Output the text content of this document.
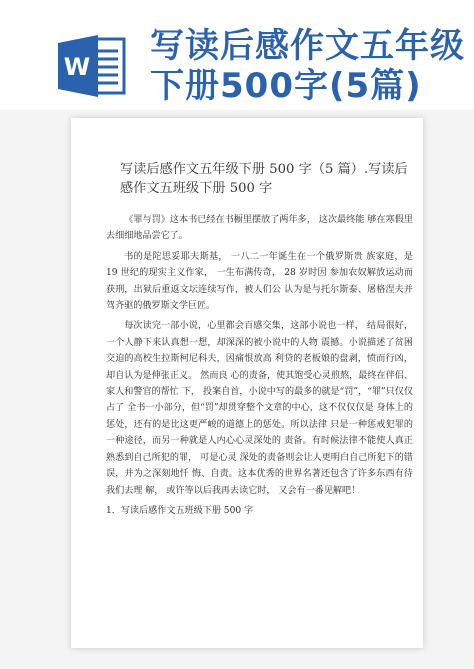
W
写读后感作文五年级下册500字(5篇)
写读后感作文五年级下册 500 字（5 篇）.写读后感作文五班级下册 500 字

《罪与罚》这本书已经在书橱里摆放了两年多， 这次最终能 够在寒假里去细细地品尝它了。

书的是陀思妥耶夫斯基， 一八二一年诞生在一个俄罗斯贵 族家庭，是 19 世纪的现实主义作家， 一生布满传奇， 28 岁时因 参加农奴解放运动而获刑，出狱后重返文坛连续写作，被人们公 认为是与托尔斯泰、屠格涅夫并驾齐驱的俄罗斯文学巨匠。

每次读完一部小说，心里都会百感交集，这部小说也一样， 结局很好，一个人静下来认真想一想，却深深的被小说中的人物 震撼。小说描述了贫困交迫的高校生拉斯柯尼科夫，因痛恨放高 利贷的老板娘的盘剥，愤而行凶，却自认为是伸张正义。 然而良 心的责备，使其饱受心灵煎熬，最终在伴侣、家人和警官的帮忙 下， 投案自首，小说中写的最多的就是“罚”，“罪”只仅仅占了 全书一小部分，但“罚”却贯穿整个文章的中心，这不仅仅仅是 身体上的惩处，还有的是比这更严峻的道德上的惩处。所以法律 只是一种惩戒犯罪的一种途径，而另一种就是人内心心灵深处的 责备。有时候法律不能使人真正熟悉到自己所犯的罪， 可是心灵 深处的责备则会让人更明白自己所犯下的错误，并为之深刻地忏 悔、自责。这本优秀的世界名著还包含了许多东西有待我们去理 解， 或许等以后我再去读它时， 又会有一番见解吧！

1．写读后感作文五班级下册 500 字
